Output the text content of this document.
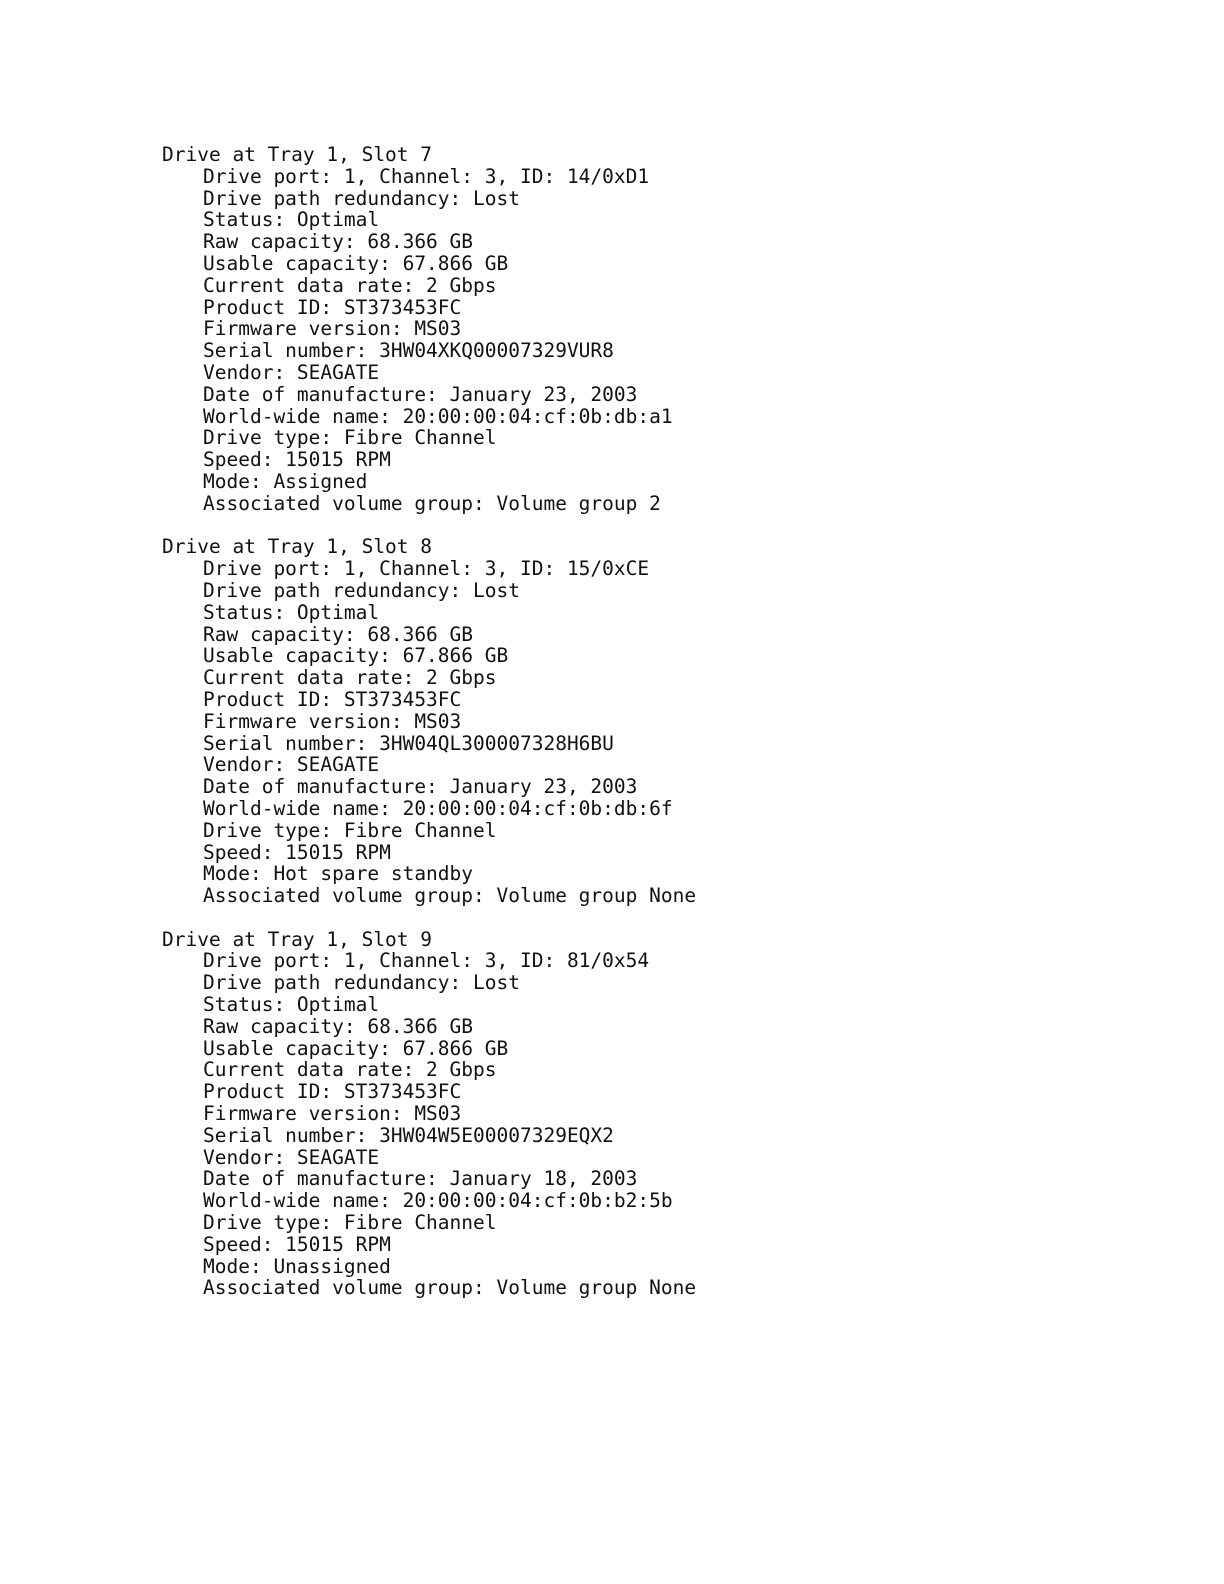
Drive at Tray 1, Slot 7
Drive port: 1, Channel: 3, ID: 14/0xD1
Drive path redundancy: Lost
Status: Optimal
Raw capacity: 68.366 GB
Usable capacity: 67.866 GB
Current data rate: 2 Gbps
Product ID: ST373453FC
Firmware version: MS03
Serial number: 3HW04XKQ00007329VUR8
Vendor: SEAGATE
Date of manufacture: January 23, 2003
World-wide name: 20:00:00:04:cf:0b:db:a1
Drive type: Fibre Channel
Speed: 15015 RPM
Mode: Assigned
Associated volume group: Volume group 2
Drive at Tray 1, Slot 8
Drive port: 1, Channel: 3, ID: 15/0xCE
Drive path redundancy: Lost
Status: Optimal
Raw capacity: 68.366 GB
Usable capacity: 67.866 GB
Current data rate: 2 Gbps
Product ID: ST373453FC
Firmware version: MS03
Serial number: 3HW04QL300007328H6BU
Vendor: SEAGATE
Date of manufacture: January 23, 2003
World-wide name: 20:00:00:04:cf:0b:db:6f
Drive type: Fibre Channel
Speed: 15015 RPM
Mode: Hot spare standby
Associated volume group: Volume group None
Drive at Tray 1, Slot 9
Drive port: 1, Channel: 3, ID: 81/0x54
Drive path redundancy: Lost
Status: Optimal
Raw capacity: 68.366 GB
Usable capacity: 67.866 GB
Current data rate: 2 Gbps
Product ID: ST373453FC
Firmware version: MS03
Serial number: 3HW04W5E00007329EQX2
Vendor: SEAGATE
Date of manufacture: January 18, 2003
World-wide name: 20:00:00:04:cf:0b:b2:5b
Drive type: Fibre Channel
Speed: 15015 RPM
Mode: Unassigned
Associated volume group: Volume group None
